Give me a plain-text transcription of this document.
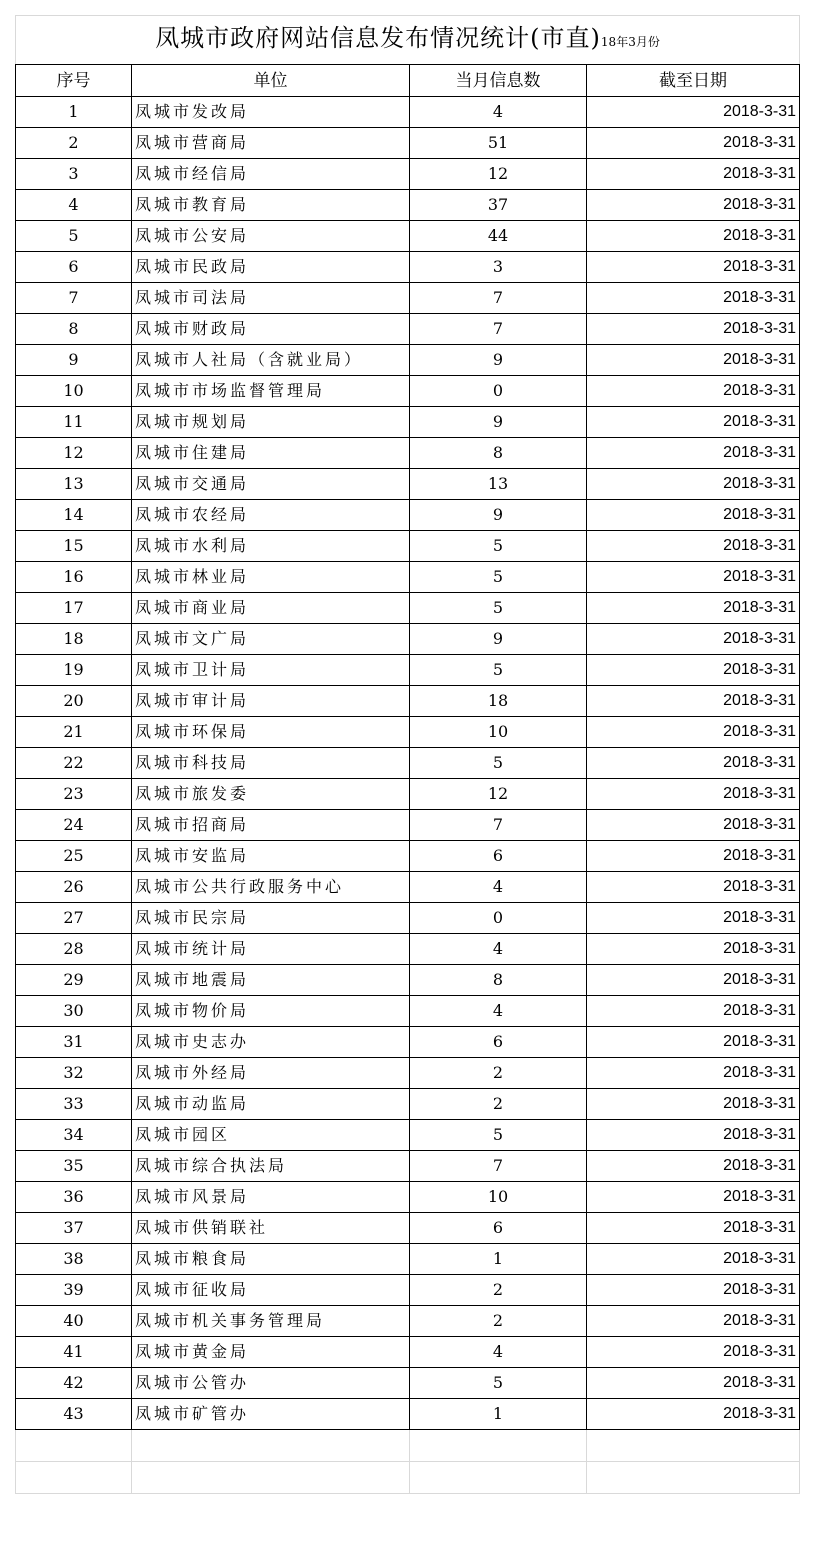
凤城市政府网站信息发布情况统计(市直)18年3月份			
序号	单位	当月信息数	截至日期
1	凤城市发改局	4	2018-3-31
2	凤城市营商局	51	2018-3-31
3	凤城市经信局	12	2018-3-31
4	凤城市教育局	37	2018-3-31
5	凤城市公安局	44	2018-3-31
6	凤城市民政局	3	2018-3-31
7	凤城市司法局	7	2018-3-31
8	凤城市财政局	7	2018-3-31
9	凤城市人社局（含就业局）	9	2018-3-31
10	凤城市市场监督管理局	0	2018-3-31
11	凤城市规划局	9	2018-3-31
12	凤城市住建局	8	2018-3-31
13	凤城市交通局	13	2018-3-31
14	凤城市农经局	9	2018-3-31
15	凤城市水利局	5	2018-3-31
16	凤城市林业局	5	2018-3-31
17	凤城市商业局	5	2018-3-31
18	凤城市文广局	9	2018-3-31
19	凤城市卫计局	5	2018-3-31
20	凤城市审计局	18	2018-3-31
21	凤城市环保局	10	2018-3-31
22	凤城市科技局	5	2018-3-31
23	凤城市旅发委	12	2018-3-31
24	凤城市招商局	7	2018-3-31
25	凤城市安监局	6	2018-3-31
26	凤城市公共行政服务中心	4	2018-3-31
27	凤城市民宗局	0	2018-3-31
28	凤城市统计局	4	2018-3-31
29	凤城市地震局	8	2018-3-31
30	凤城市物价局	4	2018-3-31
31	凤城市史志办	6	2018-3-31
32	凤城市外经局	2	2018-3-31
33	凤城市动监局	2	2018-3-31
34	凤城市园区	5	2018-3-31
35	凤城市综合执法局	7	2018-3-31
36	凤城市风景局	10	2018-3-31
37	凤城市供销联社	6	2018-3-31
38	凤城市粮食局	1	2018-3-31
39	凤城市征收局	2	2018-3-31
40	凤城市机关事务管理局	2	2018-3-31
41	凤城市黄金局	4	2018-3-31
42	凤城市公管办	5	2018-3-31
43	凤城市矿管办	1	2018-3-31
